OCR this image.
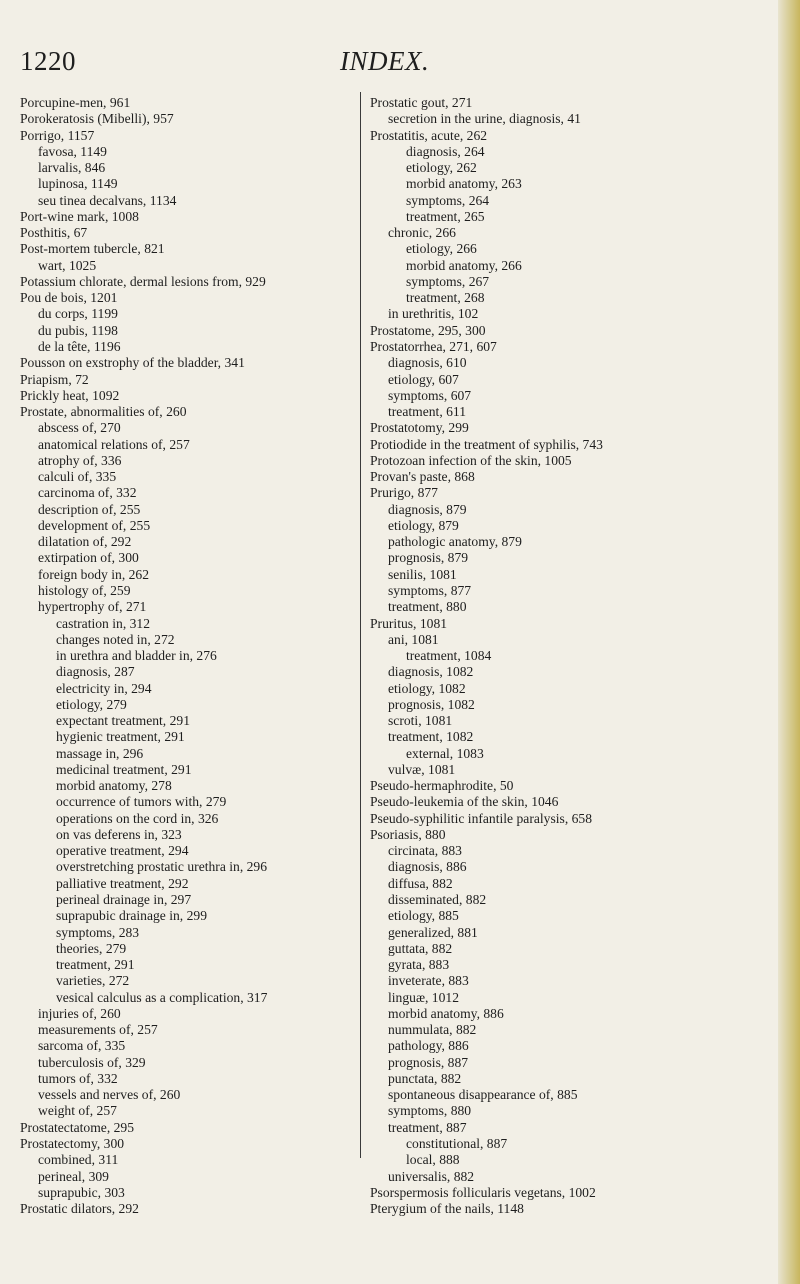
1220	INDEX.
Porcupine-men, 961
Porokeratosis (Mibelli), 957
Porrigo, 1157
favosa, 1149
larvalis, 846
lupinosa, 1149
seu tinea decalvans, 1134
Port-wine mark, 1008
Posthitis, 67
Post-mortem tubercle, 821
wart, 1025
Potassium chlorate, dermal lesions from, 929
Pou de bois, 1201
du corps, 1199
du pubis, 1198
de la tête, 1196
Pousson on exstrophy of the bladder, 341
Priapism, 72
Prickly heat, 1092
Prostate, abnormalities of, 260
abscess of, 270
anatomical relations of, 257
atrophy of, 336
calculi of, 335
carcinoma of, 332
description of, 255
development of, 255
dilatation of, 292
extirpation of, 300
foreign body in, 262
histology of, 259
hypertrophy of, 271
castration in, 312
changes noted in, 272
in urethra and bladder in, 276
diagnosis, 287
electricity in, 294
etiology, 279
expectant treatment, 291
hygienic treatment, 291
massage in, 296
medicinal treatment, 291
morbid anatomy, 278
occurrence of tumors with, 279
operations on the cord in, 326
on vas deferens in, 323
operative treatment, 294
overstretching prostatic urethra in, 296
palliative treatment, 292
perineal drainage in, 297
suprapubic drainage in, 299
symptoms, 283
theories, 279
treatment, 291
varieties, 272
vesical calculus as a complication, 317
injuries of, 260
measurements of, 257
sarcoma of, 335
tuberculosis of, 329
tumors of, 332
vessels and nerves of, 260
weight of, 257
Prostatectatome, 295
Prostatectomy, 300
combined, 311
perineal, 309
suprapubic, 303
Prostatic dilators, 292
Prostatic gout, 271
secretion in the urine, diagnosis, 41
Prostatitis, acute, 262
diagnosis, 264
etiology, 262
morbid anatomy, 263
symptoms, 264
treatment, 265
chronic, 266
etiology, 266
morbid anatomy, 266
symptoms, 267
treatment, 268
in urethritis, 102
Prostatome, 295, 300
Prostatorrhea, 271, 607
diagnosis, 610
etiology, 607
symptoms, 607
treatment, 611
Prostatotomy, 299
Protiodide in the treatment of syphilis, 743
Protozoan infection of the skin, 1005
Provan's paste, 868
Prurigo, 877
diagnosis, 879
etiology, 879
pathologic anatomy, 879
prognosis, 879
senilis, 1081
symptoms, 877
treatment, 880
Pruritus, 1081
ani, 1081
treatment, 1084
diagnosis, 1082
etiology, 1082
prognosis, 1082
scroti, 1081
treatment, 1082
external, 1083
vulvæ, 1081
Pseudo-hermaphrodite, 50
Pseudo-leukemia of the skin, 1046
Pseudo-syphilitic infantile paralysis, 658
Psoriasis, 880
circinata, 883
diagnosis, 886
diffusa, 882
disseminated, 882
etiology, 885
generalized, 881
guttata, 882
gyrata, 883
inveterate, 883
linguæ, 1012
morbid anatomy, 886
nummulata, 882
pathology, 886
prognosis, 887
punctata, 882
spontaneous disappearance of, 885
symptoms, 880
treatment, 887
constitutional, 887
local, 888
universalis, 882
Psorspermosis follicularis vegetans, 1002
Pterygium of the nails, 1148
